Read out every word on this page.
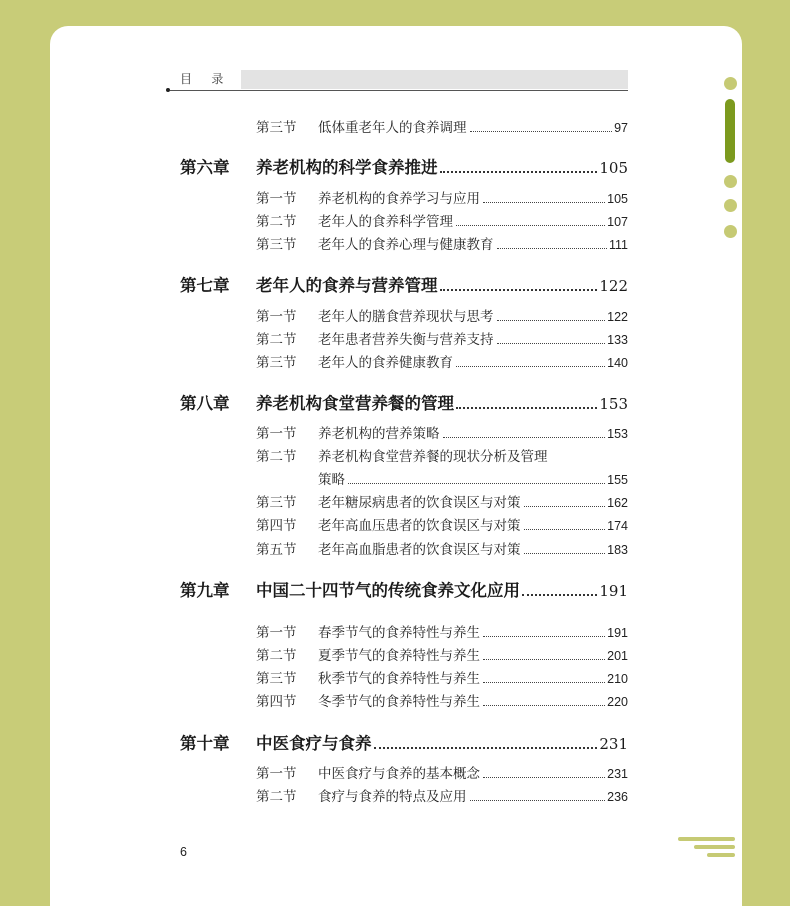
目 录
第三节	低体重老年人的食养调理	97
第六章	养老机构的科学食养推进	105
第一节	养老机构的食养学习与应用	105
第二节	老年人的食养科学管理	107
第三节	老年人的食养心理与健康教育	111
第七章	老年人的食养与营养管理	122
第一节	老年人的膳食营养现状与思考	122
第二节	老年患者营养失衡与营养支持	133
第三节	老年人的食养健康教育	140
第八章	养老机构食堂营养餐的管理	153
第一节	养老机构的营养策略	153
第二节	养老机构食堂营养餐的现状分析及管理
策略	155
第三节	老年糖尿病患者的饮食误区与对策	162
第四节	老年高血压患者的饮食误区与对策	174
第五节	老年高血脂患者的饮食误区与对策	183
第九章	中国二十四节气的传统食养文化应用	191
第一节	春季节气的食养特性与养生	191
第二节	夏季节气的食养特性与养生	201
第三节	秋季节气的食养特性与养生	210
第四节	冬季节气的食养特性与养生	220
第十章	中医食疗与食养	231
第一节	中医食疗与食养的基本概念	231
第二节	食疗与食养的特点及应用	236
6
